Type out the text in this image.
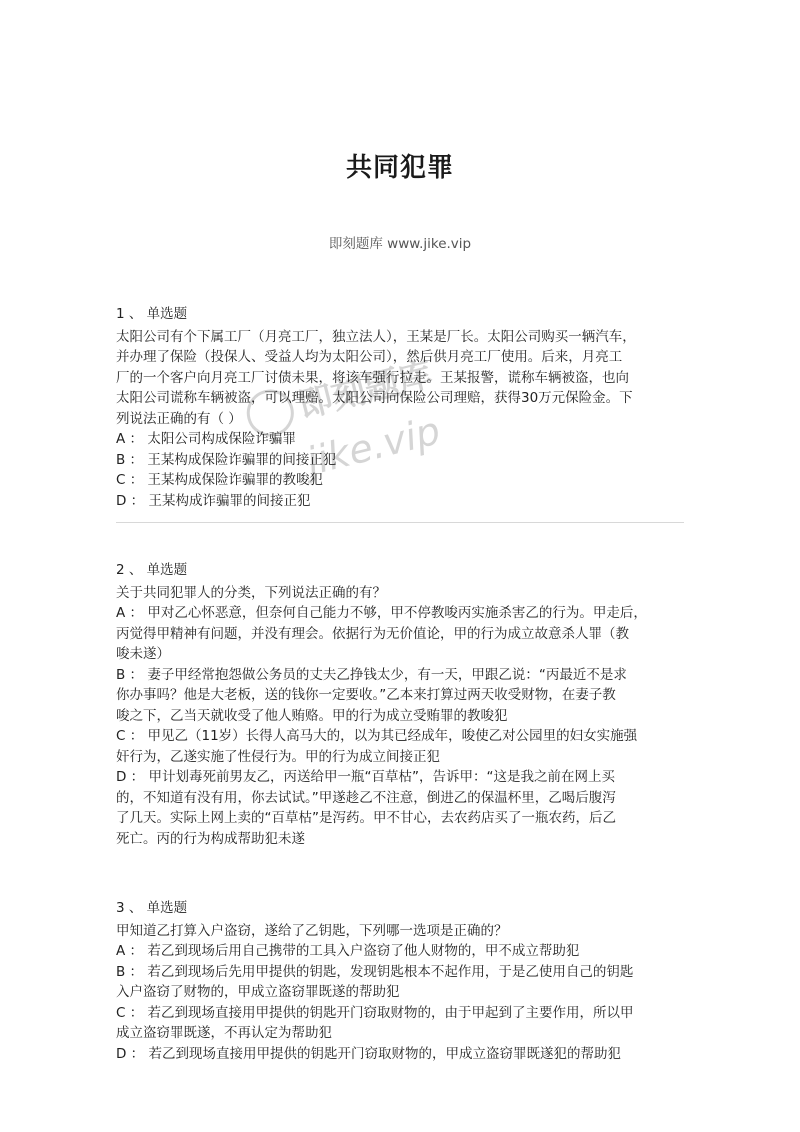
共同犯罪
即刻题库 www.jike.vip
即刻题库
jike.vip
1 、 单选题
太阳公司有个下属工厂（月亮工厂，独立法人），王某是厂长。太阳公司购买一辆汽车，
并办理了保险（投保人、受益人均为太阳公司），然后供月亮工厂使用。后来，月亮工
厂的一个客户向月亮工厂讨债未果，将该车强行拉走。王某报警，谎称车辆被盗，也向
太阳公司谎称车辆被盗，可以理赔。太阳公司向保险公司理赔，获得30万元保险金。下
列说法正确的有（ ）
A ： 太阳公司构成保险诈骗罪
B ： 王某构成保险诈骗罪的间接正犯
C ： 王某构成保险诈骗罪的教唆犯
D ： 王某构成诈骗罪的间接正犯
2 、 单选题
关于共同犯罪人的分类，下列说法正确的有？
A ： 甲对乙心怀恶意，但奈何自己能力不够，甲不停教唆丙实施杀害乙的行为。甲走后，
丙觉得甲精神有问题，并没有理会。依据行为无价值论，甲的行为成立故意杀人罪（教
唆未遂）
B ： 妻子甲经常抱怨做公务员的丈夫乙挣钱太少，有一天，甲跟乙说：“丙最近不是求
你办事吗？他是大老板，送的钱你一定要收。”乙本来打算过两天收受财物，在妻子教
唆之下，乙当天就收受了他人贿赂。甲的行为成立受贿罪的教唆犯
C ： 甲见乙（11岁）长得人高马大的，以为其已经成年，唆使乙对公园里的妇女实施强
奸行为，乙遂实施了性侵行为。甲的行为成立间接正犯
D ： 甲计划毒死前男友乙，丙送给甲一瓶“百草枯”，告诉甲：“这是我之前在网上买
的，不知道有没有用，你去试试。”甲遂趁乙不注意，倒进乙的保温杯里，乙喝后腹泻
了几天。实际上网上卖的“百草枯”是泻药。甲不甘心，去农药店买了一瓶农药，后乙
死亡。丙的行为构成帮助犯未遂
3 、 单选题
甲知道乙打算入户盗窃，遂给了乙钥匙，下列哪一选项是正确的？
A ： 若乙到现场后用自己携带的工具入户盗窃了他人财物的，甲不成立帮助犯
B ： 若乙到现场后先用甲提供的钥匙，发现钥匙根本不起作用，于是乙使用自己的钥匙
入户盗窃了财物的，甲成立盗窃罪既遂的帮助犯
C ： 若乙到现场直接用甲提供的钥匙开门窃取财物的，由于甲起到了主要作用，所以甲
成立盗窃罪既遂，不再认定为帮助犯
D ： 若乙到现场直接用甲提供的钥匙开门窃取财物的，甲成立盗窃罪既遂犯的帮助犯
